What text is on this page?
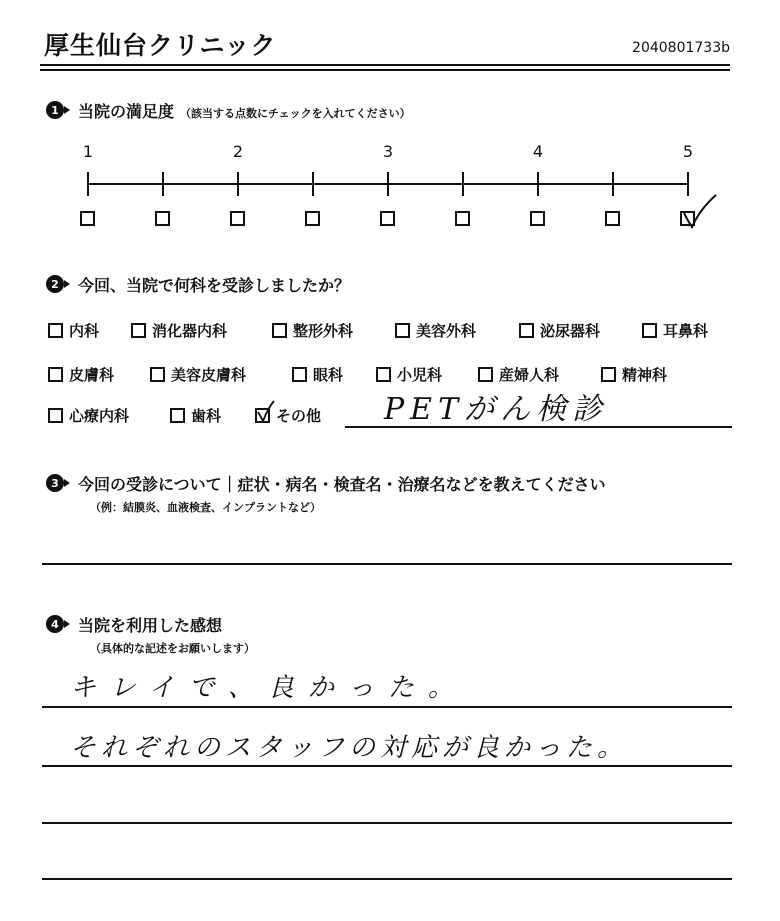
厚生仙台クリニック	2040801733b
1	当院の満足度 （該当する点数にチェックを入れてください）
1	2	3	4	5
2	今回、当院で何科を受診しましたか？
内科	消化器内科	整形外科	美容外科	泌尿器科	耳鼻科
皮膚科	美容皮膚科	眼科	小児科	産婦人科	精神科
心療内科	歯科	その他 PETがん検診
3	今回の受診について｜症状・病名・検査名・治療名などを教えてください
（例：結膜炎、血液検査、インプラントなど）
4	当院を利用した感想
（具体的な記述をお願いします）
キレイで、良かった。
それぞれのスタッフの対応が良かった。
